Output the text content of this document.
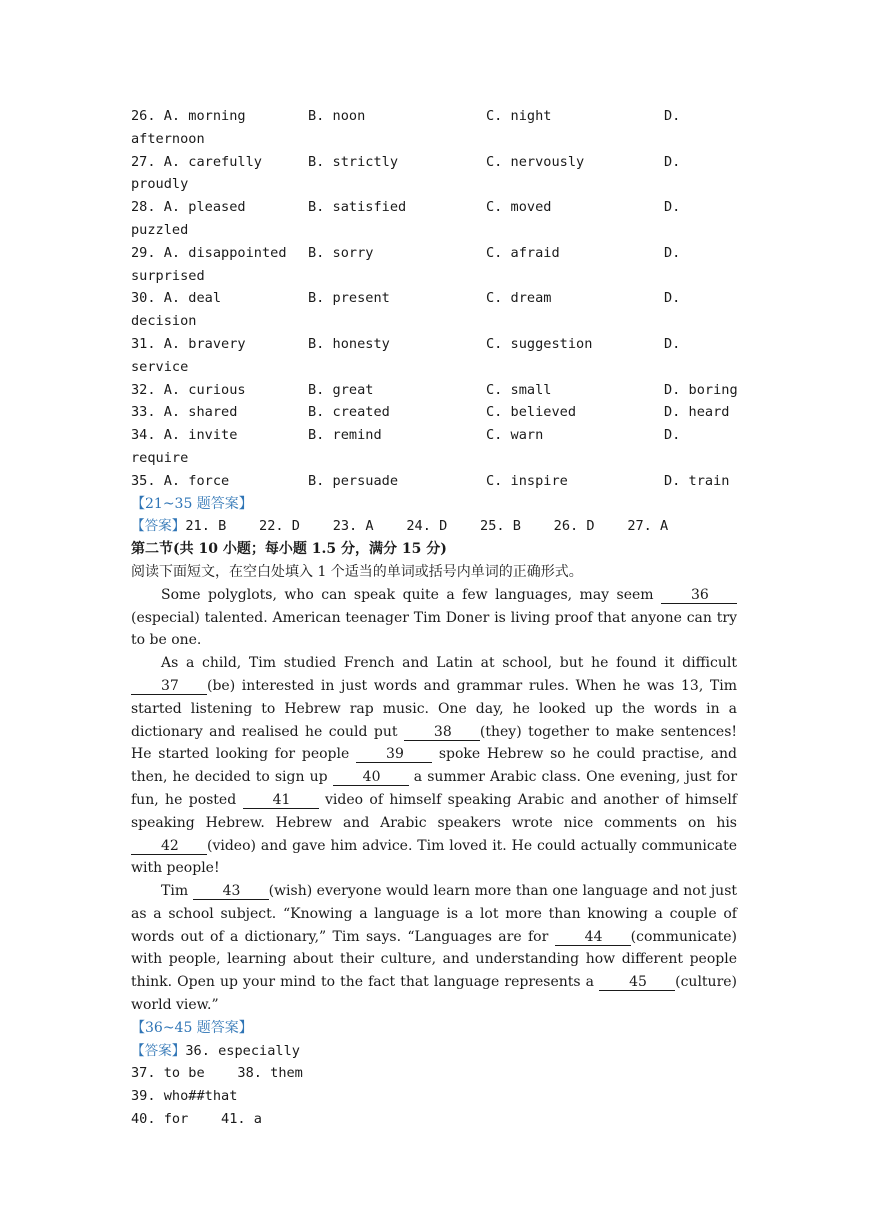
26. A. morning	B. noon	C. night	D.
afternoon
27. A. carefully	B. strictly	C. nervously	D.
proudly
28. A. pleased	B. satisfied	C. moved	D.
puzzled
29. A. disappointed B. sorry	C. afraid	D.
surprised
30. A. deal	B. present	C. dream	D.
decision
31. A. bravery	B. honesty	C. suggestion	D.
service
32. A. curious	B. great	C. small	D. boring
33. A. shared	B. created	C. believed	D. heard
34. A. invite	B. remind	C. warn	D.
require
35. A. force	B. persuade	C. inspire	D. train
【21~35 题答案】
【答案】21. B    22. D    23. A    24. D    25. B    26. D    27. A
第二节(共 10 小题；每小题 1.5 分，满分 15 分)
阅读下面短文，在空白处填入 1 个适当的单词或括号内单词的正确形式。
Some polyglots, who can speak quite a few languages, may seem	36(especial) talented. American teenager Tim Doner is living proof that anyone can try to be one.
As a child, Tim studied French and Latin at school, but he found it difficult 37 (be) interested in just words and grammar rules. When he was 13, Tim started listening to Hebrew rap music. One day, he looked up the words in a dictionary and realised he could put	38 (they) together to make sentences! He started looking for people	39 spoke Hebrew so he could practise, and then, he decided to sign up	40 a summer Arabic class. One evening, just for fun, he posted	41 video of himself speaking Arabic and another of himself speaking Hebrew. Hebrew and Arabic speakers wrote nice comments on his 42 (video) and gave him advice. Tim loved it. He could actually communicate with people!
Tim 43 (wish) everyone would learn more than one language and not just as a school subject. “Knowing a language is a lot more than knowing a couple of words out of a dictionary,” Tim says. “Languages are for	44 (communicate) with people, learning about their culture, and understanding how different people think. Open up your mind to the fact that language represents a	45 (culture) world view.”
【36~45 题答案】
【答案】36. especially
37. to be    38. them
39. who##that
40. for    41. a
